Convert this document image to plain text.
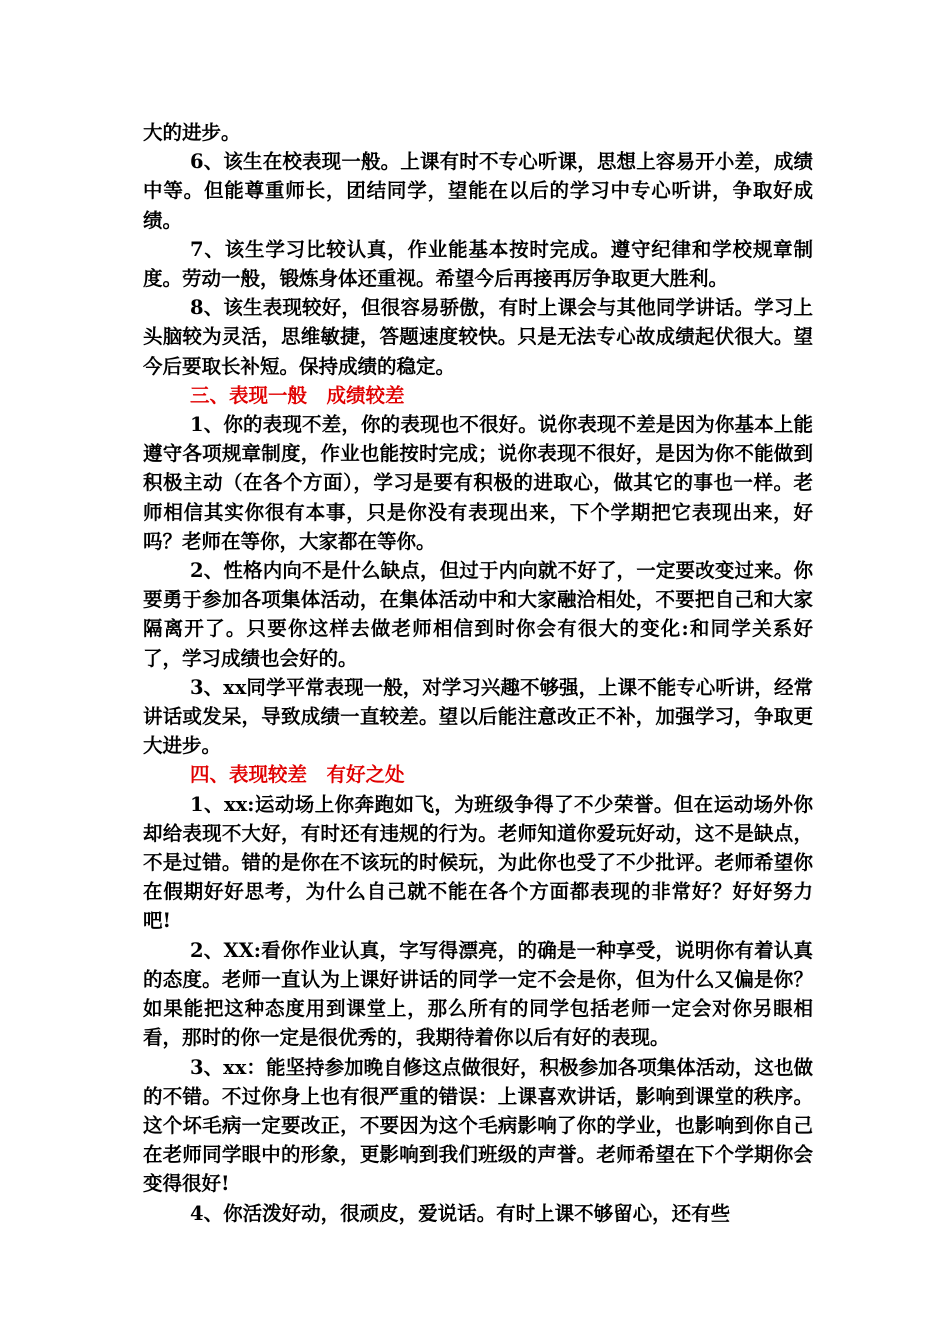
大的进步。

6、该生在校表现一般。上课有时不专心听课，思想上容易开小差，成绩中等。但能尊重师长，团结同学，望能在以后的学习中专心听讲，争取好成绩。

7、该生学习比较认真，作业能基本按时完成。遵守纪律和学校规章制度。劳动一般，锻炼身体还重视。希望今后再接再厉争取更大胜利。

8、该生表现较好，但很容易骄傲，有时上课会与其他同学讲话。学习上头脑较为灵活，思维敏捷，答题速度较快。只是无法专心故成绩起伏很大。望今后要取长补短。保持成绩的稳定。

三、表现一般　成绩较差

1、你的表现不差，你的表现也不很好。说你表现不差是因为你基本上能遵守各项规章制度，作业也能按时完成；说你表现不很好，是因为你不能做到积极主动（在各个方面），学习是要有积极的进取心，做其它的事也一样。老师相信其实你很有本事，只是你没有表现出来，下个学期把它表现出来，好吗？老师在等你，大家都在等你。

2、性格内向不是什么缺点，但过于内向就不好了，一定要改变过来。你要勇于参加各项集体活动，在集体活动中和大家融洽相处，不要把自己和大家隔离开了。只要你这样去做老师相信到时你会有很大的变化:和同学关系好了，学习成绩也会好的。

3、xx同学平常表现一般，对学习兴趣不够强，上课不能专心听讲，经常讲话或发呆，导致成绩一直较差。望以后能注意改正不补，加强学习，争取更大进步。

四、表现较差　有好之处

1、xx:运动场上你奔跑如飞，为班级争得了不少荣誉。但在运动场外你却给表现不大好，有时还有违规的行为。老师知道你爱玩好动，这不是缺点，不是过错。错的是你在不该玩的时候玩，为此你也受了不少批评。老师希望你在假期好好思考，为什么自己就不能在各个方面都表现的非常好？好好努力吧!

2、XX:看你作业认真，字写得漂亮，的确是一种享受，说明你有着认真的态度。老师一直认为上课好讲话的同学一定不会是你，但为什么又偏是你？如果能把这种态度用到课堂上，那么所有的同学包括老师一定会对你另眼相看，那时的你一定是很优秀的，我期待着你以后有好的表现。

3、xx：能坚持参加晚自修这点做很好，积极参加各项集体活动，这也做的不错。不过你身上也有很严重的错误：上课喜欢讲话，影响到课堂的秩序。这个坏毛病一定要改正，不要因为这个毛病影响了你的学业，也影响到你自己在老师同学眼中的形象，更影响到我们班级的声誉。老师希望在下个学期你会变得很好!

4、你活泼好动，很顽皮，爱说话。有时上课不够留心，还有些
